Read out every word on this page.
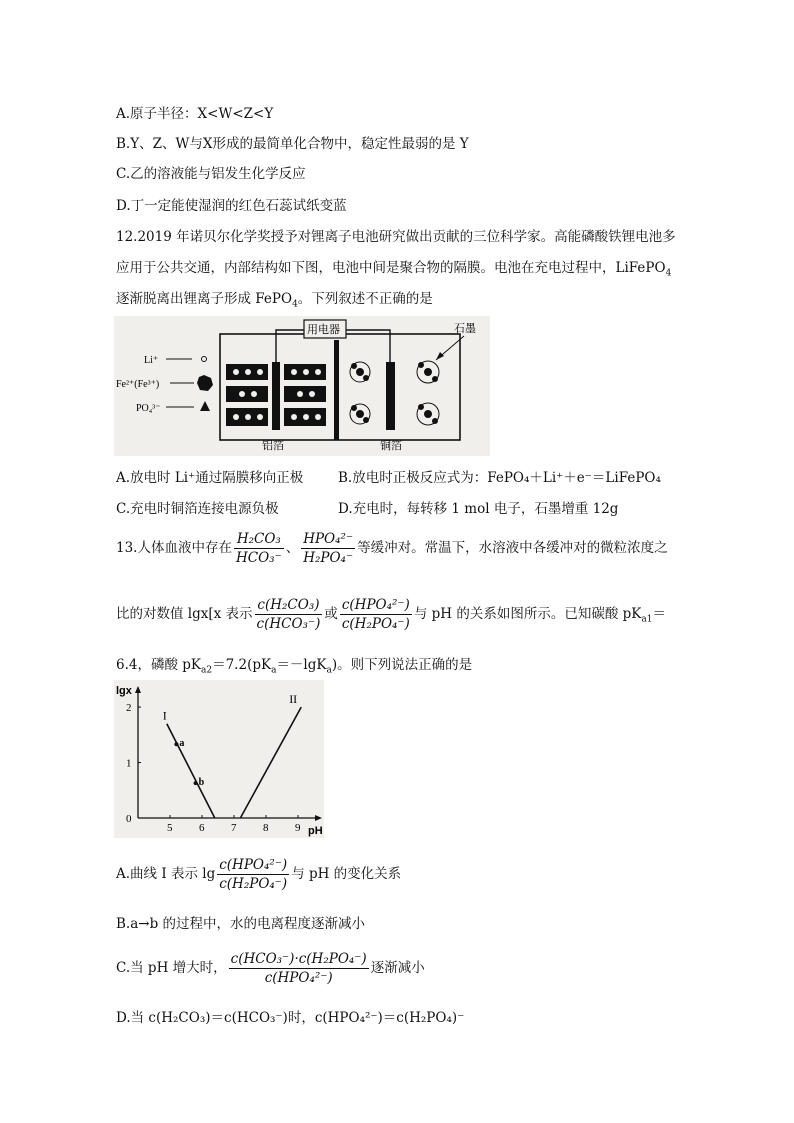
A.原子半径：X<W<Z<Y
B.Y、Z、W与X形成的最简单化合物中，稳定性最弱的是 Y
C.乙的溶液能与铝发生化学反应
D.丁一定能使湿润的红色石蕊试纸变蓝
12.2019 年诺贝尔化学奖授予对锂离子电池研究做出贡献的三位科学家。高能磷酸铁锂电池多
应用于公共交通，内部结构如下图，电池中间是聚合物的隔膜。电池在充电过程中，LiFePO$_4$
逐渐脱离出锂离子形成 FePO$_4$。下列叙述不正确的是
Li⁺
Fe²⁺(Fe³⁺)
PO₄³⁻
用电器
铝箔	铜箔
石墨
A.放电时 Li⁺通过隔膜移向正极	B.放电时正极反应式为：FePO₄＋Li⁺＋e⁻＝LiFePO₄
C.充电时铜箔连接电源负极	D.充电时，每转移 1 mol 电子，石墨增重 12g
13.人体血液中存在 $\frac{\text{H₂CO₃}}{\text{HCO₃⁻}}$ 、 $\frac{\text{HPO₄²⁻}}{\text{H₂PO₄⁻}}$ 等缓冲对。常温下，水溶液中各缓冲对的微粒浓度之
比的对数值 lgx[x 表示 $\frac{\text{c(H₂CO₃)}}{\text{c(HCO₃⁻)}}$ 或 $\frac{\text{c(HPO₄²⁻)}}{\text{c(H₂PO₄⁻)}}$ 与 pH 的关系如图所示。已知碳酸 $pK_{a1}=$
6.4，磷酸 $pK_{a2}=7.2(pK_a=-\lg K_a)$。则下列说法正确的是
lgx
pH
5 6 7 8 9
0
1
2
I
II
a
b
A.曲线 I 表示 $\lg \frac{\text{c(HPO₄²⁻)}}{\text{c(H₂PO₄⁻)}}$ 与 pH 的变化关系
B.a→b 的过程中，水的电离程度逐渐减小
C.当 pH 增大时， $\frac{\text{c(HCO₃⁻)·c(H₂PO₄⁻)}}{\text{c(HPO₄²⁻)}}$ 逐渐减小
D.当 c(H₂CO₃)＝c(HCO₃⁻)时，c(HPO₄²⁻)＝c(H₂PO₄)⁻
